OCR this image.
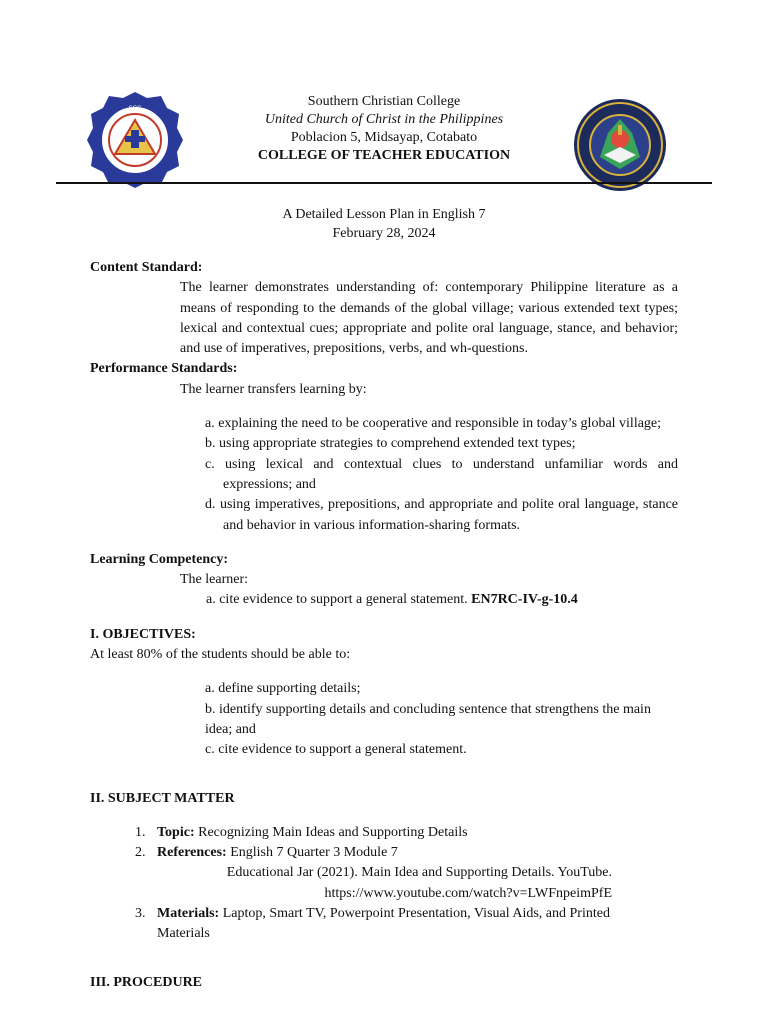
SCC	Southern Christian College
United Church of Christ in the Philippines
Poblacion 5, Midsayap, Cotabato
COLLEGE OF TEACHER EDUCATION
A Detailed Lesson Plan in English 7
February 28, 2024
Content Standard:
The learner demonstrates understanding of: contemporary Philippine literature as a means of responding to the demands of the global village; various extended text types; lexical and contextual cues; appropriate and polite oral language, stance, and behavior; and use of imperatives, prepositions, verbs, and wh-questions.
Performance Standards:
The learner transfers learning by:
a. explaining the need to be cooperative and responsible in today’s global village;
b. using appropriate strategies to comprehend extended text types;
c. using lexical and contextual clues to understand unfamiliar words and expressions; and
d. using imperatives, prepositions, and appropriate and polite oral language, stance and behavior in various information-sharing formats.
Learning Competency:
The learner:
a. cite evidence to support a general statement. EN7RC-IV-g-10.4
I. OBJECTIVES:
At least 80% of the students should be able to:
a. define supporting details;
b. identify supporting details and concluding sentence that strengthens the main idea; and
c. cite evidence to support a general statement.
II. SUBJECT MATTER
1. Topic: Recognizing Main Ideas and Supporting Details
2. References: English 7 Quarter 3 Module 7
Educational Jar (2021). Main Idea and Supporting Details. YouTube.
https://www.youtube.com/watch?v=LWFnpeimPfE
3. Materials: Laptop, Smart TV, Powerpoint Presentation, Visual Aids, and Printed Materials
III. PROCEDURE
